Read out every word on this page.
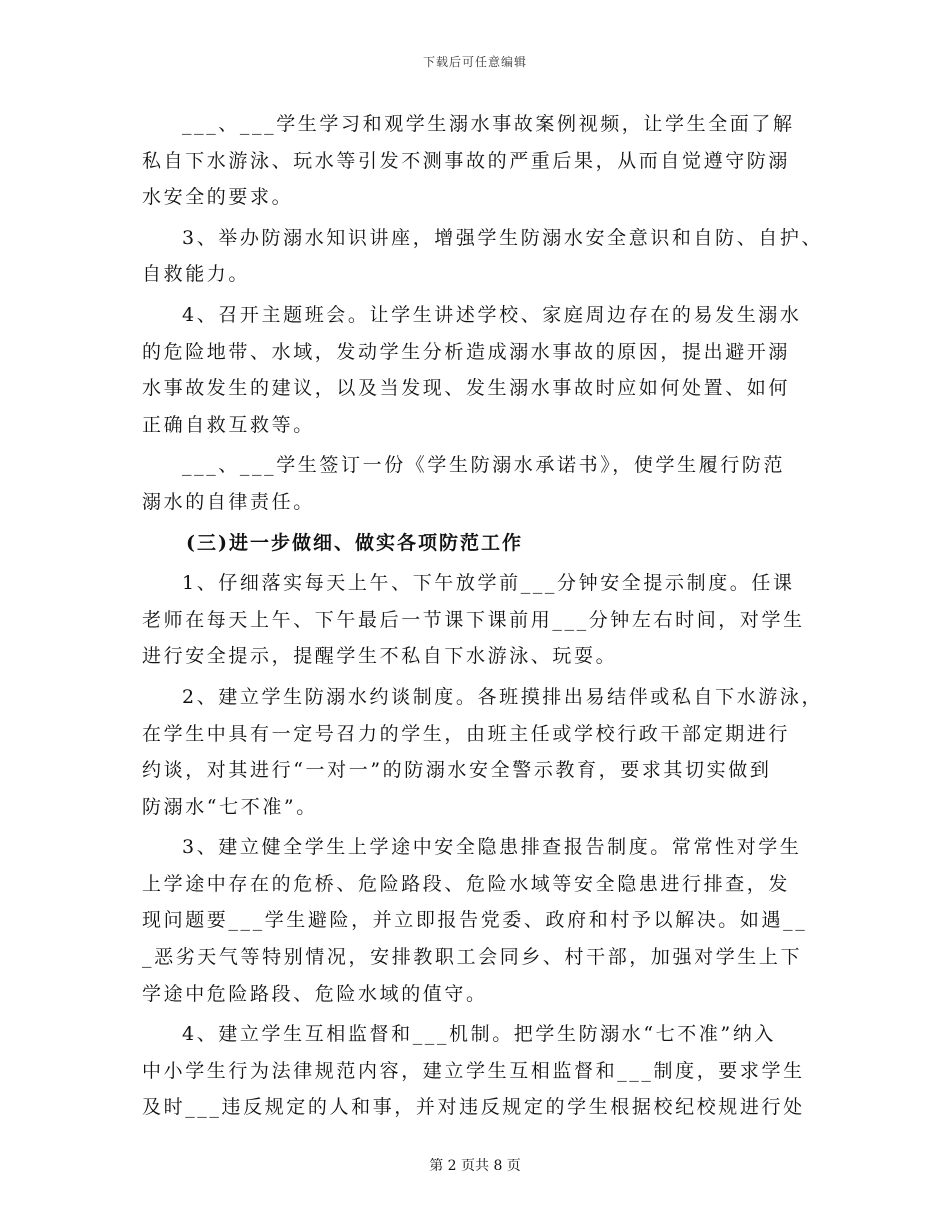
下载后可任意编辑
___、___学生学习和观学生溺水事故案例视频，让学生全面了解
私自下水游泳、玩水等引发不测事故的严重后果，从而自觉遵守防溺
水安全的要求。
3、举办防溺水知识讲座，增强学生防溺水安全意识和自防、自护、
自救能力。
4、召开主题班会。让学生讲述学校、家庭周边存在的易发生溺水
的危险地带、水域，发动学生分析造成溺水事故的原因，提出避开溺
水事故发生的建议，以及当发现、发生溺水事故时应如何处置、如何
正确自救互救等。
___、___学生签订一份《学生防溺水承诺书》，使学生履行防范
溺水的自律责任。
(三)进一步做细、做实各项防范工作
1、仔细落实每天上午、下午放学前___分钟安全提示制度。任课
老师在每天上午、下午最后一节课下课前用___分钟左右时间，对学生
进行安全提示，提醒学生不私自下水游泳、玩耍。
2、建立学生防溺水约谈制度。各班摸排出易结伴或私自下水游泳，
在学生中具有一定号召力的学生，由班主任或学校行政干部定期进行
约谈，对其进行“一对一”的防溺水安全警示教育，要求其切实做到
防溺水“七不准”。
3、建立健全学生上学途中安全隐患排查报告制度。常常性对学生
上学途中存在的危桥、危险路段、危险水域等安全隐患进行排查，发
现问题要___学生避险，并立即报告党委、政府和村予以解决。如遇__
_恶劣天气等特别情况，安排教职工会同乡、村干部，加强对学生上下
学途中危险路段、危险水域的值守。
4、建立学生互相监督和___机制。把学生防溺水“七不准”纳入
中小学生行为法律规范内容，建立学生互相监督和___制度，要求学生
及时___违反规定的人和事，并对违反规定的学生根据校纪校规进行处
第 2 页共 8 页
